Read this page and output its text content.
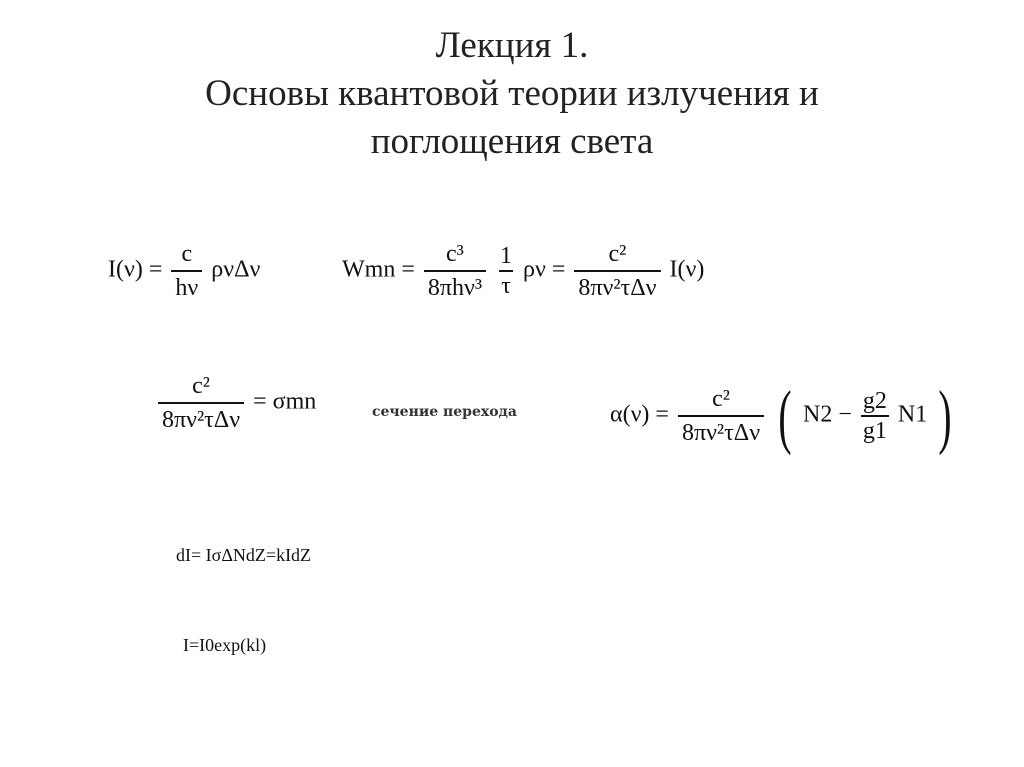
Лекция 1.
Основы квантовой теории излучения и
поглощения света
$I(\nu) = \frac{c}{h\nu}$ ρνΔν	Wmn = $\frac{\text{c³}}{\text{8πhν³}}$
$\frac{1}{\tau}$ $\rho\nu = \frac{\text{c²}}{\text{8πν²τΔν}} I(\nu)$
$\frac{\text{c²}}{\text{8πν²τΔν}} = \sigma mn$	сечение перехода	$\alpha(\nu) = \frac{\text{c²}}{\text{8πν²τΔν}}$ ( $N2 - \frac{g2}{g1} N1$ )
dI= IσΔNdZ=kIdZ
I=I0exp(kl)
